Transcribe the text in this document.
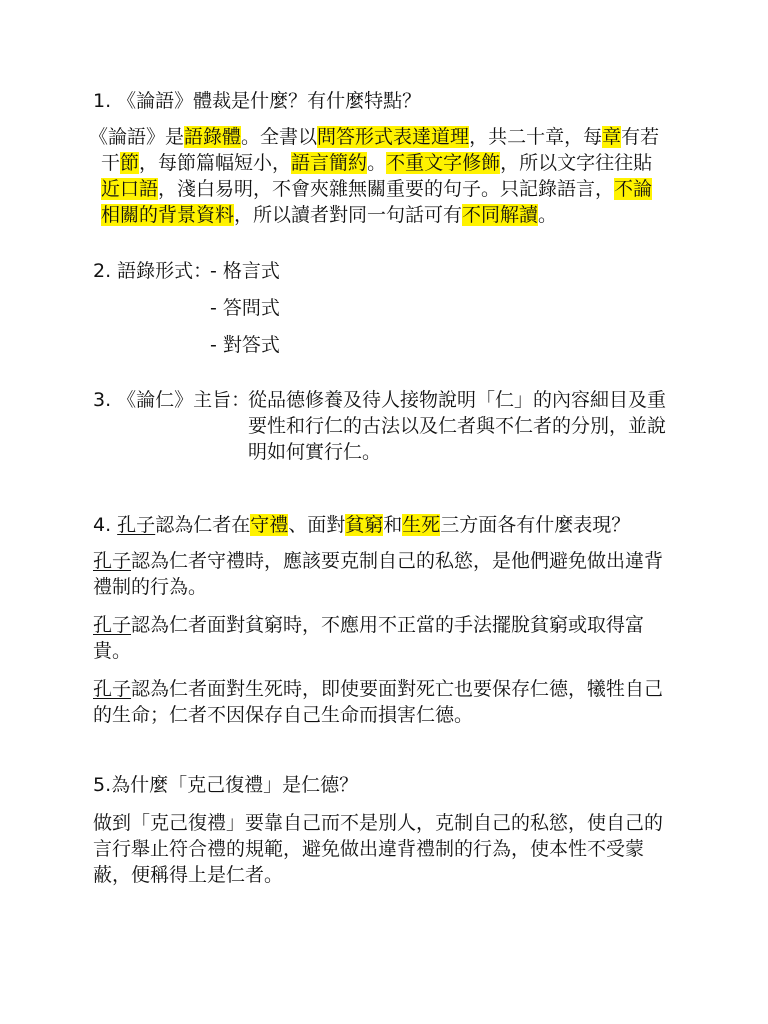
1. 《論語》體裁是什麼？有什麼特點？
《論語》是語錄體。全書以問答形式表達道理，共二十章，每章有若
干節，每節篇幅短小，語言簡約。不重文字修飾，所以文字往往貼
近口語，淺白易明，不會夾雜無關重要的句子。只記錄語言，不論
相關的背景資料，所以讀者對同一句話可有不同解讀。
2. 語錄形式：
- 格言式
- 答問式
- 對答式
3. 《論仁》主旨：
從品德修養及待人接物說明「仁」的內容細目及重
要性和行仁的古法以及仁者與不仁者的分別，並說
明如何實行仁。
4. 孔子認為仁者在守禮、面對貧窮和生死三方面各有什麼表現？
孔子認為仁者守禮時，應該要克制自己的私慾，是他們避免做出違背
禮制的行為。
孔子認為仁者面對貧窮時，不應用不正當的手法擺脫貧窮或取得富
貴。
孔子認為仁者面對生死時，即使要面對死亡也要保存仁德，犧牲自己
的生命；仁者不因保存自己生命而損害仁德。
5.為什麼「克己復禮」是仁德？
做到「克己復禮」要靠自己而不是別人，克制自己的私慾，使自己的
言行舉止符合禮的規範，避免做出違背禮制的行為，使本性不受蒙
蔽，便稱得上是仁者。
